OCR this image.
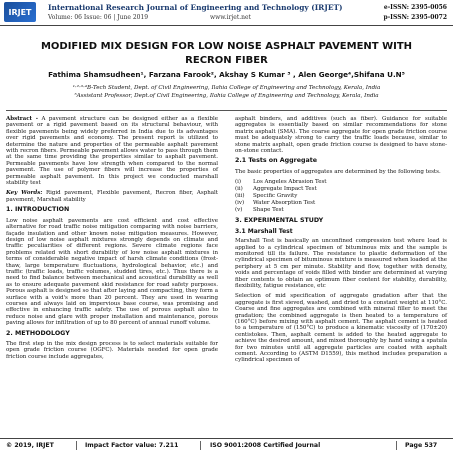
IRJET	International Research Journal of Engineering and Technology (IRJET)
Volume: 06 Issue: 06 | June 2019	www.irjet.net
e-ISSN: 2395-0056
p-ISSN: 2395-0072
MODIFIED MIX DESIGN FOR LOW NOISE ASPHALT PAVEMENT WITH RECRON FIBER
Fathima Shamsudheen¹, Farzana Farook², Akshay S Kumar ³ , Alen George⁴,Shifana U.N⁵
¹·²·³·⁴B-Tech Student, Dept. of Civil Engineering, Ilahia College of Engineering and Technology, Kerala, India
⁵Assistant Professor, Dept.of Civil Engineering, Ilahia College of Engineering and Technology, Kerala, India

Abstract - A pavement structure can be designed either as a flexible pavement or a rigid pavement based on its structural behaviour, with flexible pavements being widely preferred in India due to its advantages over rigid pavements and economy. The present report is utilized to determine the nature and properties of the permeable asphalt pavement with recron fibers. Permeable pavement allows water to pass through them at the same time providing the properties similar to asphalt pavement. Permeable pavements have low strength when compared to the normal pavement. The use of polymer fibers will increase the properties of permeable asphalt pavement. In this project we conducted marshall stability test

Key Words: Rigid pavement, Flexible pavement, Recron fiber, Asphalt pavement, Marshall stability

1. INTRODUCTION

Low noise asphalt pavements are cost efficient and cost effective alternative for road traffic noise mitigation comparing with noise barriers, façade insulation and other known noise mitigation measures. However, design of low noise asphalt mixtures strongly depends on climate and traffic peculiarities of different regions. Severe climate regions face problems related with short durability of low noise asphalt mixtures in terms of considerable negative impact of harsh climate conditions (frost-thaw, large temperature fluctuations, hydrological behavior, etc.) and traffic (traffic loads, traffic volumes, studded tires, etc.). Thus there is a need to find balance between mechanical and acoustical durability as well as to ensure adequate pavement skid resistance for road safety purposes. Porous asphalt is designed so that after laying and compacting, they form a surface with a void's more than 20 percent. They are used in wearing courses and always laid on impervious base course, was promising and effective in enhancing traffic safety. The use of porous asphalt also to reduce noise and glare with proper installation and maintenance, porous paving allows for infiltration of up to 80 percent of annual runoff volume.

2. METHODOLOGY

The first step in the mix design process is to select materials suitable for open grade friction course (OGFC). Materials needed for open grade friction course include aggregates,

asphalt binders, and additives (such as fiber). Guidance for suitable aggregates is essentially based on similar recommendations for stone matrix asphalt (SMA). The coarse aggregate for open grade friction course must be adequately strong to carry the traffic loads because, similar to stone matrix asphalt, open grade friction course is designed to have stone-on-stone contact.

2.1 Tests on Aggregate

The basic properties of aggregates are determined by the following tests.

(i)	Los Angeles Abrasion Test
(ii)	Aggregate Impact Test
(iii)	Specific Gravity
(iv)	Water Absorption Test
(v)	Shape Test
3. EXPERIMENTAL STUDY
3.1 Marshall Test

Marshall Test is basically an unconfined compression test where load is applied to a cylindrical specimen of bituminous mix and the sample is monitored till its failure. The resistance to plastic deformation of the cylindrical specimen of bituminous mixture is measured when loaded at the periphery at 5 cm per minute. Stability and flow, together with density, voids and percentage of voids filled with binder are determined at varying fiber contents to obtain an optimum fiber content for stability, durability, flexibility, fatigue resistance, etc

Selection of mid specification of aggregate gradation after that the aggregate is first sieved, washed, and dried to a constant weight at 110°C. Coarse and fine aggregates are combined with mineral filler to meet the gradation; the combined aggregate is then heated to a temperature of (160°C) before mixing with asphalt cement. The asphalt cement is heated to a temperature of (150°C) to produce a kinematic viscosity of (170±20) centistokes. Then, asphalt cement is added to the heated aggregate to achieve the desired amount, and mixed thoroughly by hand using a spatula for two minutes until all aggregate particles are coated with asphalt cement. According to (ASTM D1559), this method includes preparation a cylindrical specimen of

© 2019, IRJET	Impact Factor value: 7.211	ISO 9001:2008 Certified Journal	Page 537
